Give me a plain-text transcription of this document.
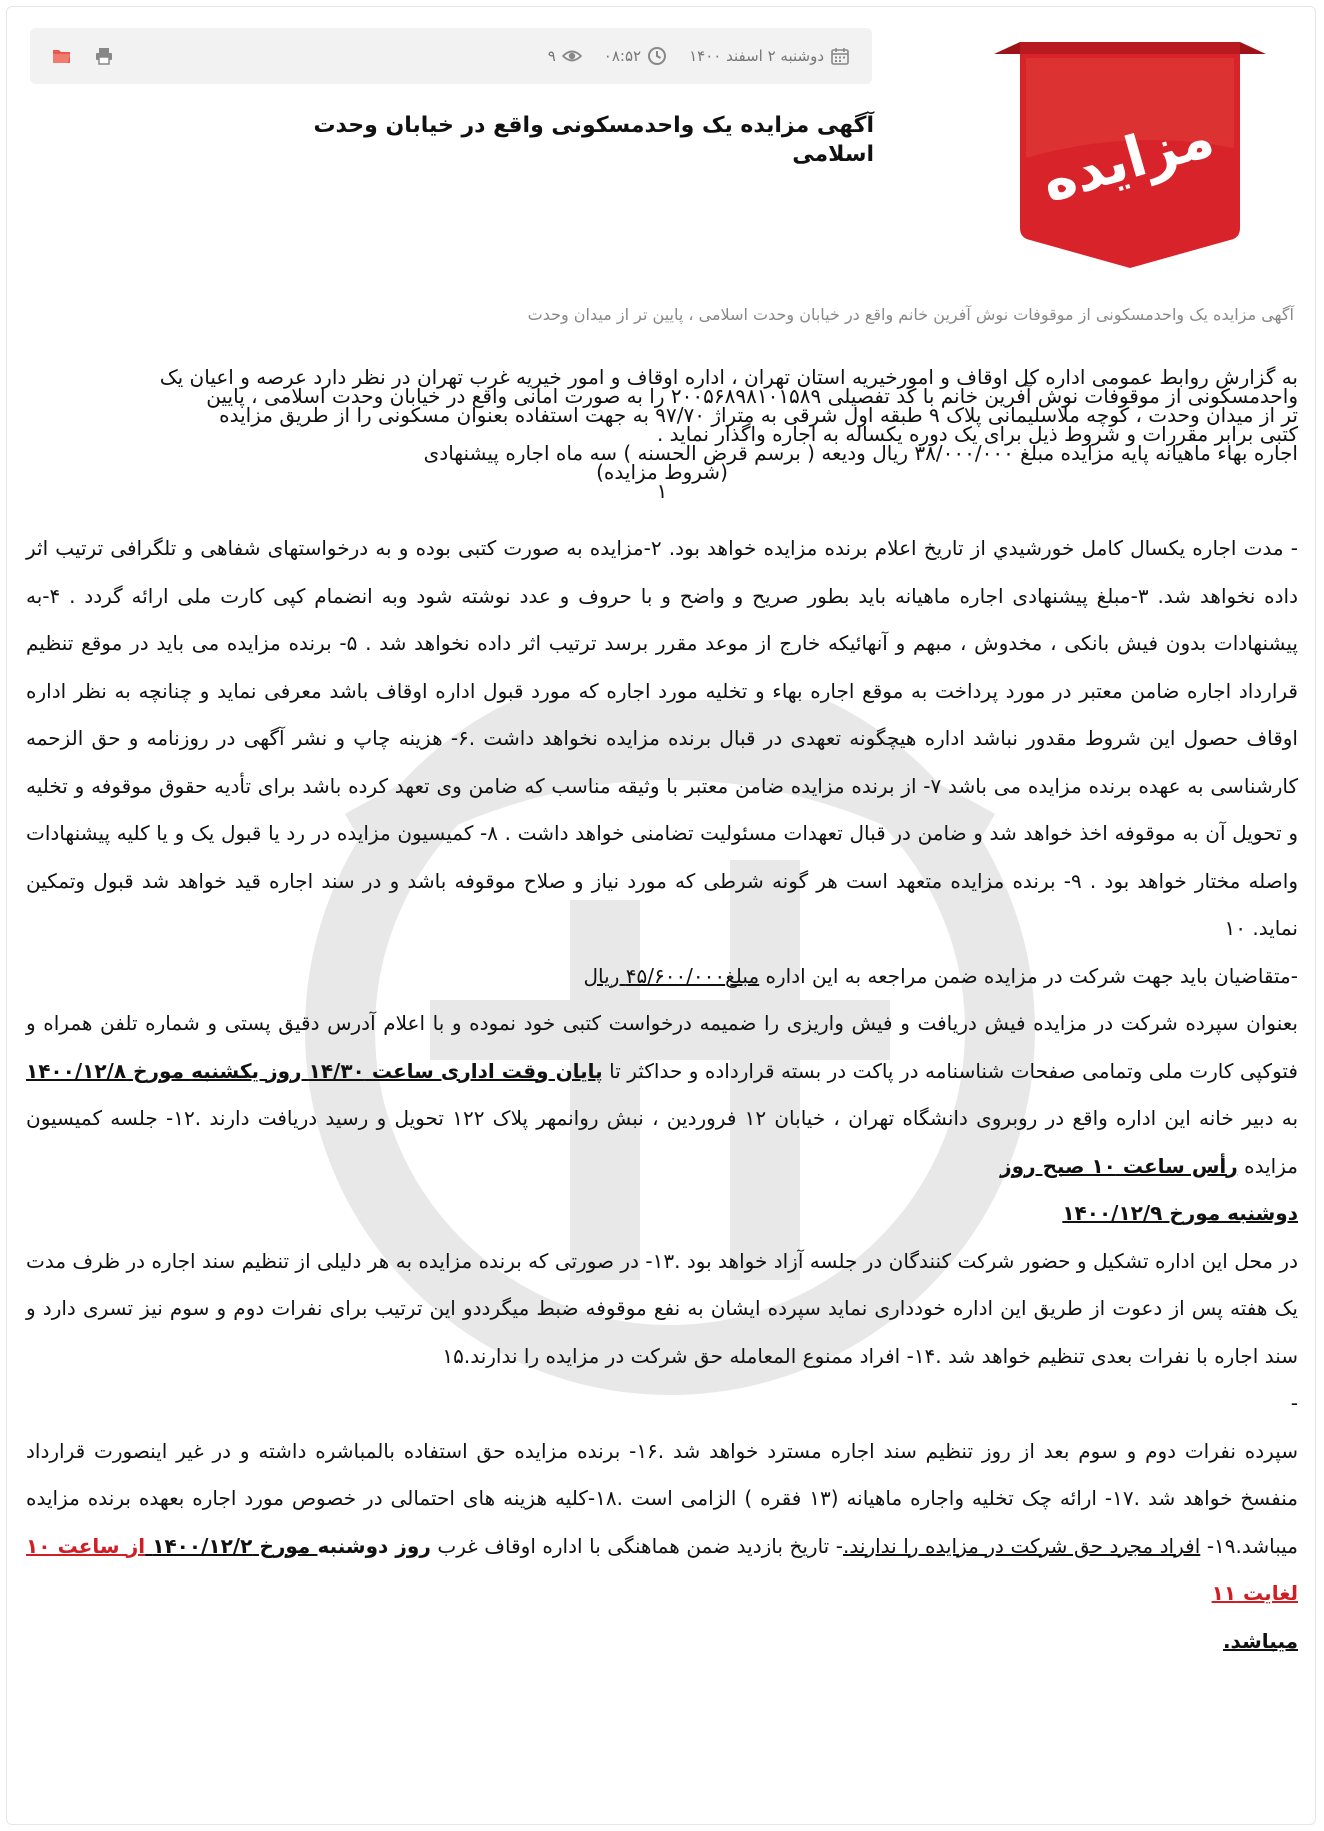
دوشنبه ۲ اسفند ۱۴۰۰
۰۸:۵۲
۹
آگهی مزایده یک واحدمسکونی واقع در خیابان وحدت اسلامی	مزایده
آگهی مزایده یک واحدمسکونی از موقوفات نوش آفرین خانم واقع در خیابان وحدت اسلامی ، پایین تر از میدان وحدت

به گزارش روابط عمومی اداره کل اوقاف و امورخیریه استان تهران ، اداره اوقاف و امور خیریه غرب تهران در نظر دارد عرصه و اعیان یک

واحدمسکونی از موقوفات نوش آفرین خانم با کد تفصیلی ۲۰۰۵۶۸۹۸۱۰۱۵۸۹ را به صورت امانی واقع در خیابان وحدت اسلامی ، پایین

تر از میدان وحدت ، کوچه ملاسلیمانی پلاک ۹ طبقه اول شرقی به متراژ ۹۷/۷۰ به جهت استفاده بعنوان مسکونی را از طریق مزایده

کتبی برابر مقررات و شروط ذیل برای یک دوره یکساله به اجاره واگذار نماید .

اجاره بهاء ماهیانه پایه مزایده مبلغ ۳۸/۰۰۰/۰۰۰ ریال ودیعه ( برسم قرض الحسنه ) سه ماه اجاره پیشنهادی

(شروط مزایده)

۱

- مدت اجاره یکسال کامل خورشيدي از تاريخ اعلام برنده مزايده خواهد بود. ۲-مزایده به صورت کتبی بوده و به درخواستهای شفاهی و تلگرافی ترتیب اثر داده نخواهد شد. ۳-مبلغ پیشنهادی اجاره ماهیانه باید بطور صریح و واضح و با حروف و عدد نوشته شود وبه انضمام کپی کارت ملی ارائه گردد . ۴-به پیشنهادات بدون فیش بانکی ، مخدوش ، مبهم و آنهائیکه خارج از موعد مقرر برسد ترتیب اثر داده نخواهد شد . ۵- برنده مزایده می باید در موقع تنظیم قرارداد اجاره ضامن معتبر در مورد پرداخت به موقع اجاره بهاء و تخلیه مورد اجاره که مورد قبول اداره اوقاف باشد معرفی نماید و چنانچه به نظر اداره اوقاف حصول این شروط مقدور نباشد اداره هیچگونه تعهدی در قبال برنده مزایده نخواهد داشت .۶- هزینه چاپ و نشر آگهی در روزنامه و حق الزحمه کارشناسی به عهده برنده مزایده می باشد ۷- از برنده مزایده ضامن معتبر با وثیقه مناسب که ضامن وی تعهد کرده باشد برای تأدیه حقوق موقوفه و تخلیه و تحویل آن به موقوفه اخذ خواهد شد و ضامن در قبال تعهدات مسئولیت تضامنی خواهد داشت . ۸- کمیسیون مزایده در رد یا قبول یک و یا کلیه پیشنهادات واصله مختار خواهد بود . ۹- برنده مزایده متعهد است هر گونه شرطی که مورد نیاز و صلاح موقوفه باشد و در سند اجاره قید خواهد شد قبول وتمکین نماید. ۱۰

-متقاضیان باید جهت شرکت در مزایده ضمن مراجعه به این اداره مبلغ۴۵/۶۰۰/۰۰۰ ریال

بعنوان سپرده شرکت در مزایده فیش دریافت و فیش واریزی را ضمیمه درخواست کتبی خود نموده و با اعلام آدرس دقیق پستی و شماره تلفن همراه و فتوکپی کارت ملی وتمامی صفحات شناسنامه در پاکت در بسته قرارداده و حداکثر تا پایان وقت اداری ساعت ۱۴/۳۰ روز یکشنبه مورخ ۱۴۰۰/۱۲/۸ به دبیر خانه این اداره واقع در روبروی دانشگاه تهران ، خیابان ۱۲ فروردین ، نبش روانمهر پلاک ۱۲۲ تحویل و رسید دریافت دارند .۱۲- جلسه کمیسیون مزایده رأس ساعت ۱۰ صبح روز

دوشنبه مورخ ۱۴۰۰/۱۲/۹

در محل این اداره تشکیل و حضور شرکت کنندگان در جلسه آزاد خواهد بود .۱۳- در صورتی که برنده مزایده به هر دلیلی از تنظیم سند اجاره در ظرف مدت یک هفته پس از دعوت از طریق این اداره خودداری نماید سپرده ایشان به نفع موقوفه ضبط میگرددو این ترتیب برای نفرات دوم و سوم نیز تسری دارد و سند اجاره با نفرات بعدی تنظیم خواهد شد .۱۴- افراد ممنوع المعامله حق شرکت در مزایده را ندارند.۱۵

-

سپرده نفرات دوم و سوم بعد از روز تنظیم سند اجاره مسترد خواهد شد .۱۶- برنده مزایده حق استفاده بالمباشره داشته و در غیر اینصورت قرارداد منفسخ خواهد شد .۱۷- ارائه چک تخلیه واجاره ماهیانه (۱۳ فقره ) الزامی است .۱۸-کلیه هزینه های احتمالی در خصوص مورد اجاره بعهده برنده مزایده میباشد.۱۹- افراد مجرد حق شرکت در مزایده را ندارند.- تاریخ بازدید ضمن هماهنگی با اداره اوقاف غرب روز دوشنبه مورخ ۱۴۰۰/۱۲/۲ از ساعت ۱۰ لغایت ۱۱

میباشد.
